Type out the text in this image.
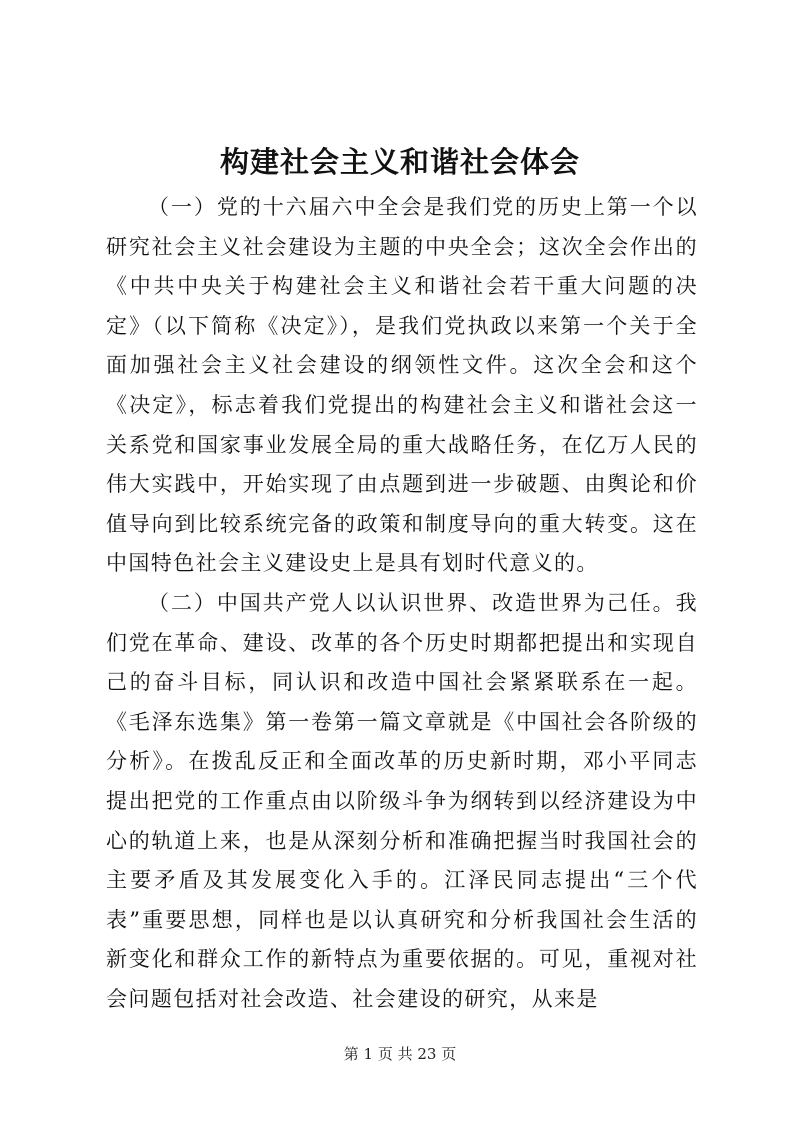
构建社会主义和谐社会体会

（一）党的十六届六中全会是我们党的历史上第一个以研究社会主义社会建设为主题的中央全会；这次全会作出的《中共中央关于构建社会主义和谐社会若干重大问题的决定》（以下简称《决定》），是我们党执政以来第一个关于全面加强社会主义社会建设的纲领性文件。这次全会和这个《决定》，标志着我们党提出的构建社会主义和谐社会这一关系党和国家事业发展全局的重大战略任务，在亿万人民的伟大实践中，开始实现了由点题到进一步破题、由舆论和价值导向到比较系统完备的政策和制度导向的重大转变。这在中国特色社会主义建设史上是具有划时代意义的。

（二）中国共产党人以认识世界、改造世界为己任。我们党在革命、建设、改革的各个历史时期都把提出和实现自己的奋斗目标，同认识和改造中国社会紧紧联系在一起。《毛泽东选集》第一卷第一篇文章就是《中国社会各阶级的分析》。在拨乱反正和全面改革的历史新时期，邓小平同志提出把党的工作重点由以阶级斗争为纲转到以经济建设为中心的轨道上来，也是从深刻分析和准确把握当时我国社会的主要矛盾及其发展变化入手的。江泽民同志提出“三个代表”重要思想，同样也是以认真研究和分析我国社会生活的新变化和群众工作的新特点为重要依据的。可见，重视对社会问题包括对社会改造、社会建设的研究，从来是

第 1 页 共 23 页
